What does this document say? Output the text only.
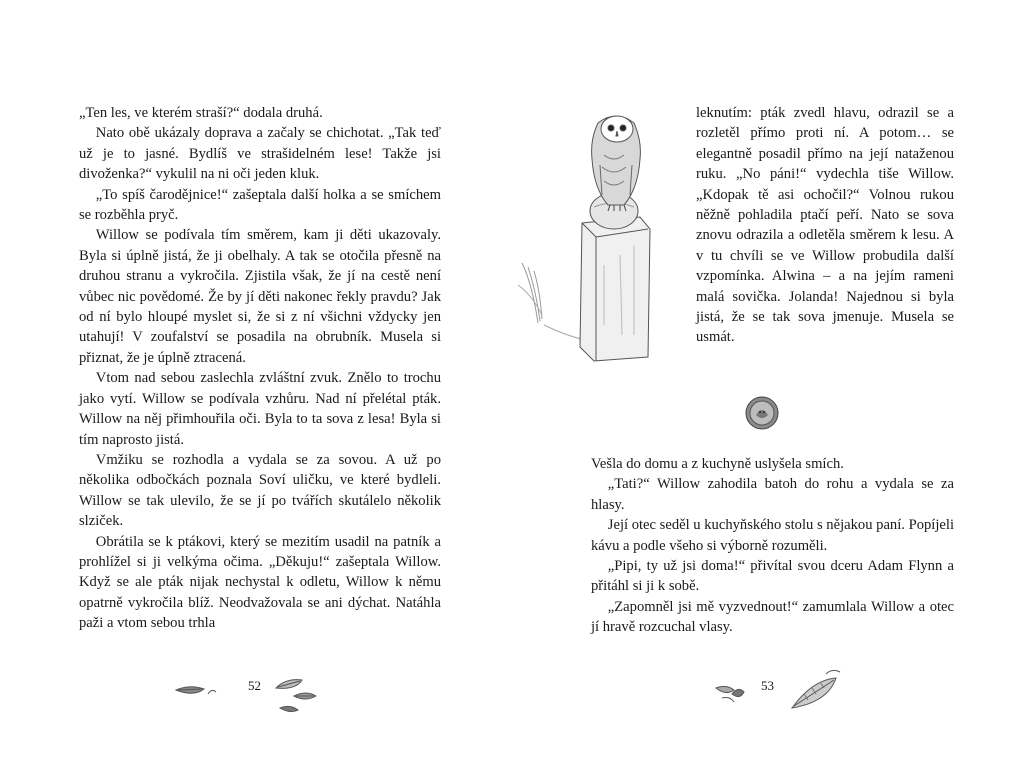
„Ten les, ve kterém straší?“ dodala druhá.

Nato obě ukázaly doprava a začaly se chichotat. „Tak teď už je to jasné. Bydlíš ve strašidelném lese! Takže jsi divoženka?“ vykulil na ni oči jeden kluk.

„To spíš čarodějnice!“ zašeptala další holka a se smíchem se rozběhla pryč.

Willow se podívala tím směrem, kam ji děti ukazovaly. Byla si úplně jistá, že ji obelhaly. A tak se otočila přesně na druhou stranu a vykročila. Zjistila však, že jí na cestě není vůbec nic povědomé. Že by jí děti nakonec řekly pravdu? Jak od ní bylo hloupé myslet si, že si z ní všichni vždycky jen utahují! V zoufalství se posadila na obrubník. Musela si přiznat, že je úplně ztracená.

Vtom nad sebou zaslechla zvláštní zvuk. Znělo to trochu jako vytí. Willow se podívala vzhůru. Nad ní přelétal pták. Willow na něj přimhouřila oči. Byla to ta sova z lesa! Byla si tím naprosto jistá.

Vmžiku se rozhodla a vydala se za sovou. A už po několika odbočkách poznala Soví uličku, ve které bydleli. Willow se tak ulevilo, že se jí po tvářích skutálelo několik slziček.

Obrátila se k ptákovi, který se mezitím usadil na patník a prohlížel si ji velkýma očima. „Děkuju!“ zašeptala Willow. Když se ale pták nijak nechystal k odletu, Willow k němu opatrně vykročila blíž. Neodvažovala se ani dýchat. Natáhla paži a vtom sebou trhla

52

leknutím: pták zvedl hlavu, odrazil se a rozletěl přímo proti ní. A potom… se elegantně posadil přímo na její nataženou ruku. „No páni!“ vydechla tiše Willow. „Kdopak tě asi ochočil?“ Volnou rukou něžně pohladila ptačí peří. Nato se sova znovu odrazila a odletěla směrem k lesu. A v tu chvíli se ve Willow probudila další vzpomínka. Alwina – a na jejím rameni malá sovička. Jolanda! Najednou si byla jistá, že se tak sova jmenuje. Musela se usmát.

Vešla do domu a z kuchyně uslyšela smích.

„Tati?“ Willow zahodila batoh do rohu a vydala se za hlasy.

Její otec seděl u kuchyňského stolu s nějakou paní. Popíjeli kávu a podle všeho si výborně rozuměli.

„Pipi, ty už jsi doma!“ přivítal svou dceru Adam Flynn a přitáhl si ji k sobě.

„Zapomněl jsi mě vyzvednout!“ zamumlala Willow a otec jí hravě rozcuchal vlasy.

53
